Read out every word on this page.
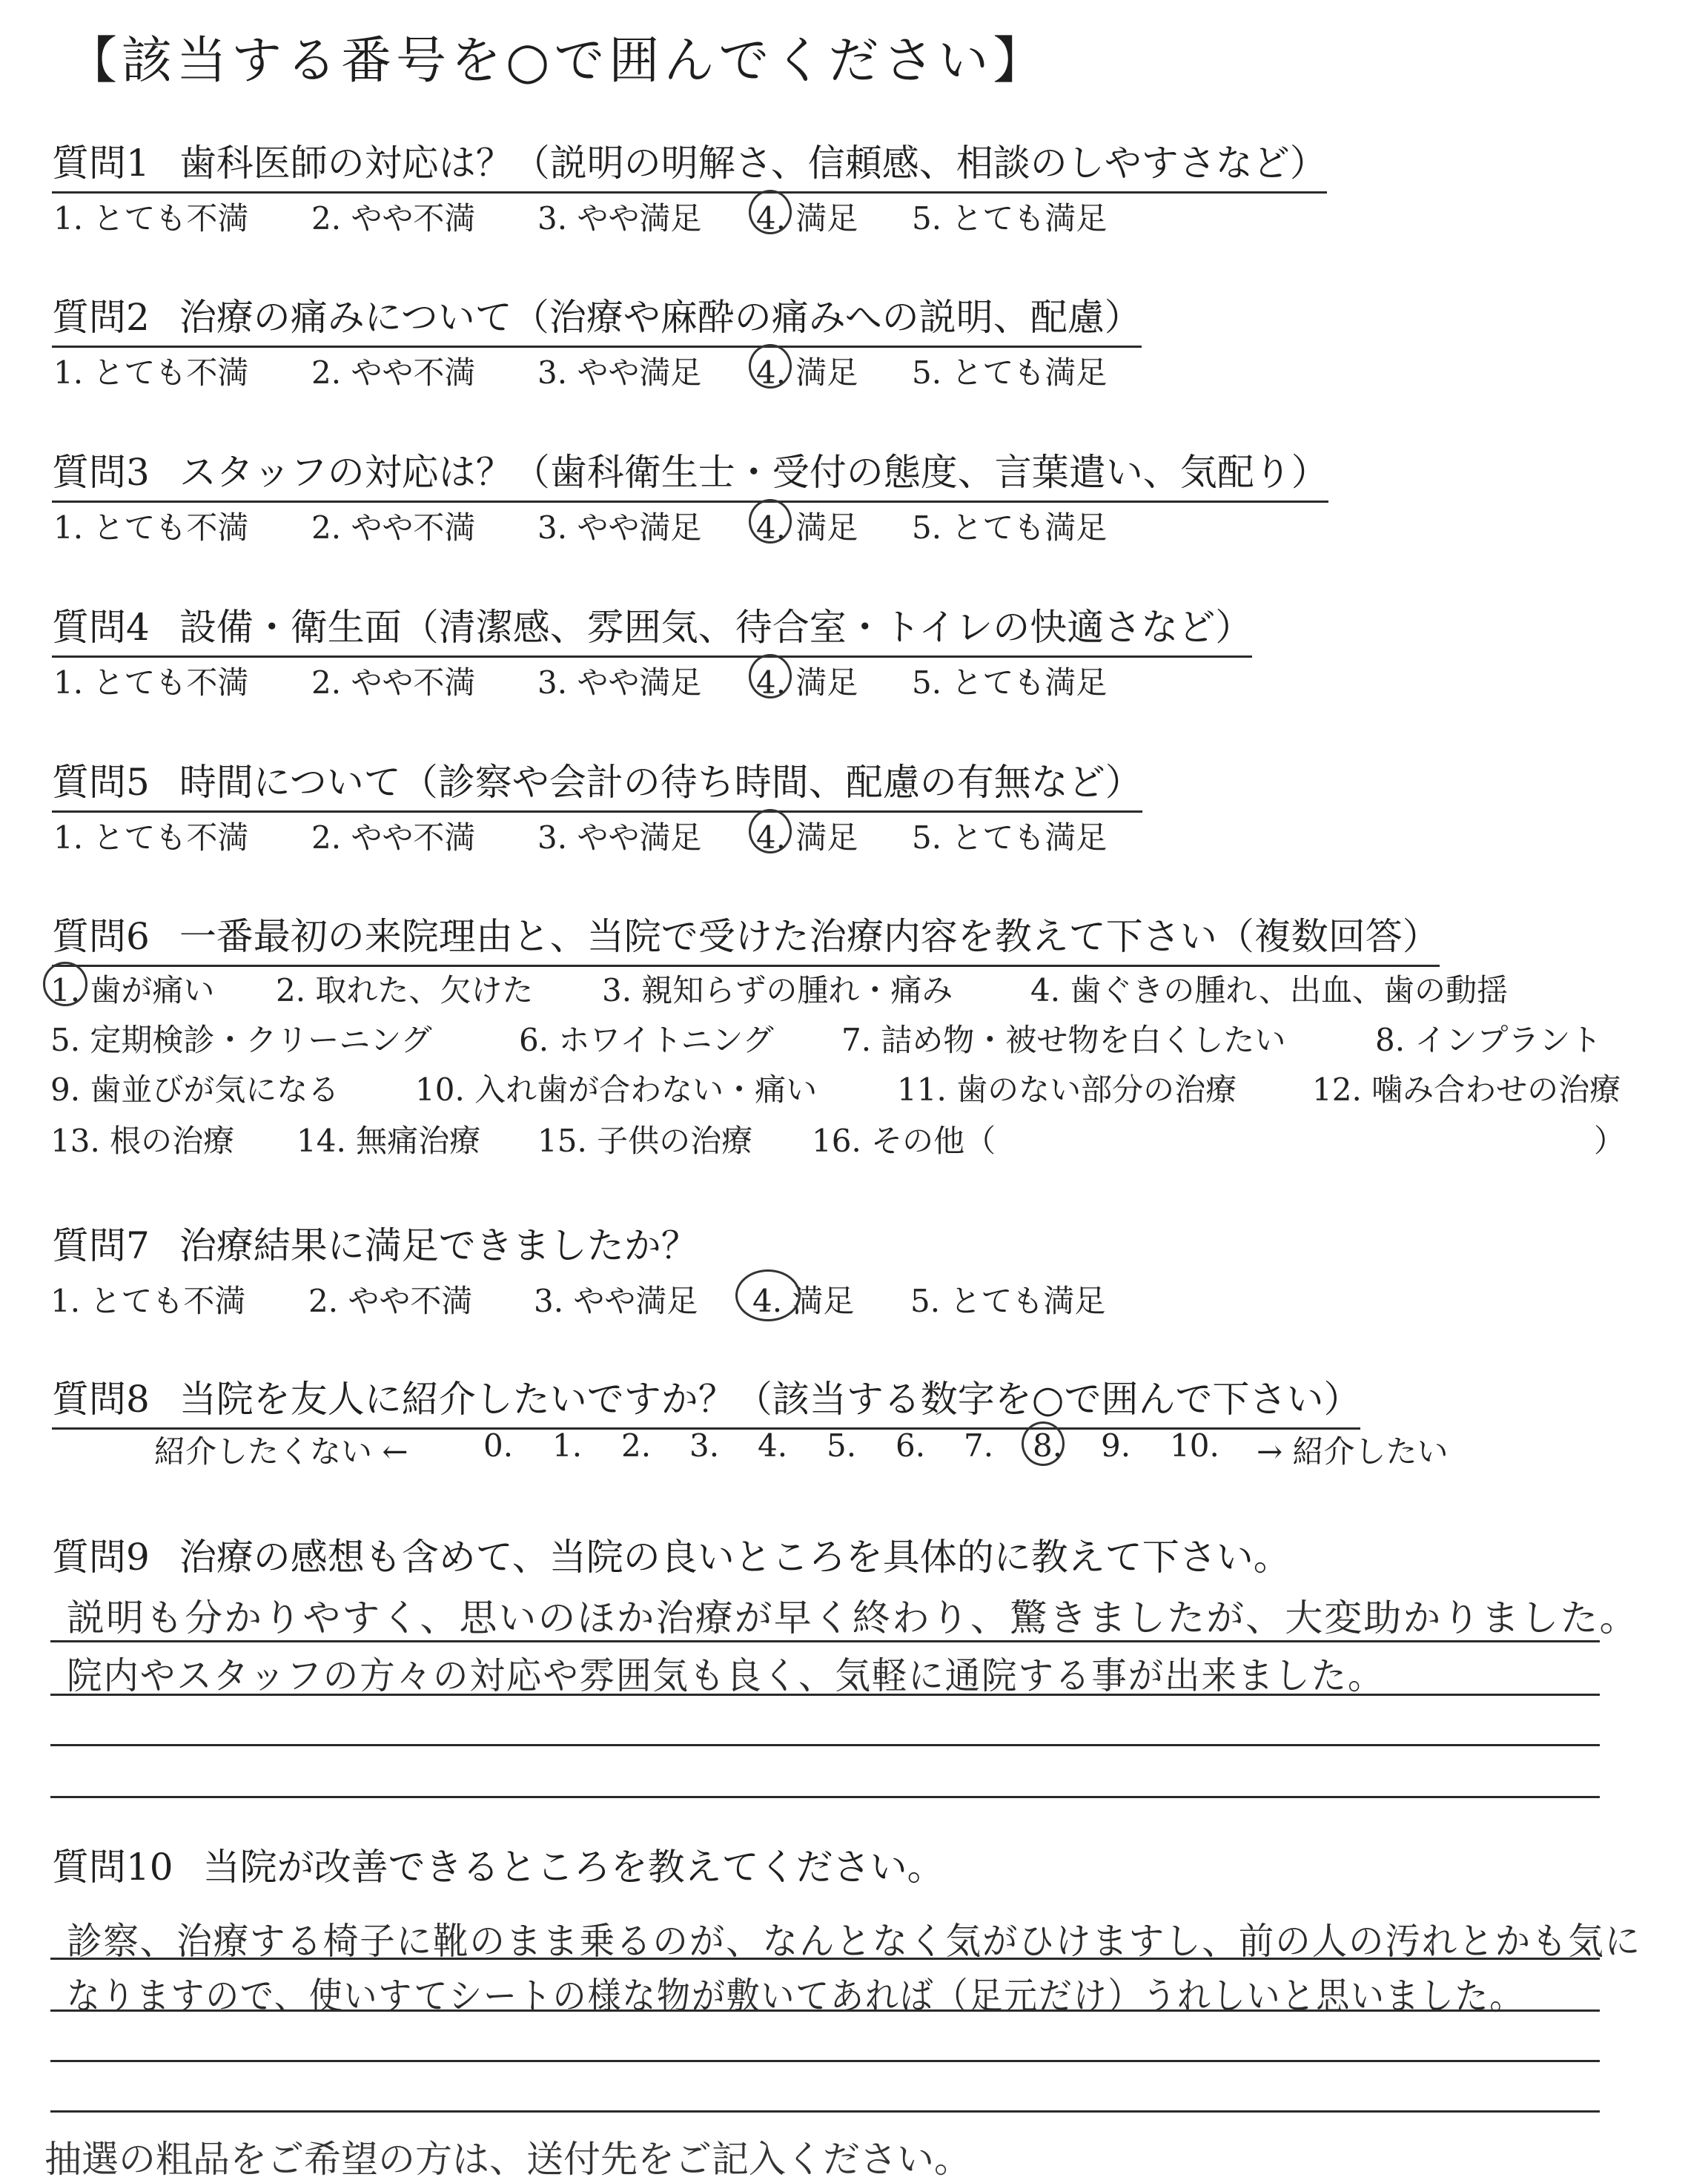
【該当する番号を○で囲んでください】
質問1 歯科医師の対応は？（説明の明解さ、信頼感、相談のしやすさなど）
1. とても不満 2. やや不満 3. やや満足 4. 満足 5. とても満足
質問2 治療の痛みについて（治療や麻酔の痛みへの説明、配慮）
1. とても不満 2. やや不満 3. やや満足 4. 満足 5. とても満足
質問3 スタッフの対応は？（歯科衛生士・受付の態度、言葉遣い、気配り）
1. とても不満 2. やや不満 3. やや満足 4. 満足 5. とても満足
質問4 設備・衛生面（清潔感、雰囲気、待合室・トイレの快適さなど）
1. とても不満 2. やや不満 3. やや満足 4. 満足 5. とても満足
質問5 時間について（診察や会計の待ち時間、配慮の有無など）
1. とても不満 2. やや不満 3. やや満足 4. 満足 5. とても満足
質問6 一番最初の来院理由と、当院で受けた治療内容を教えて下さい（複数回答）
1. 歯が痛い 2. 取れた、欠けた 3. 親知らずの腫れ・痛み 4. 歯ぐきの腫れ、出血、歯の動揺
5. 定期検診・クリーニング	6. ホワイトニング 7. 詰め物・被せ物を白くしたい	8. インプラント
9. 歯並びが気になる 10. 入れ歯が合わない・痛い	11. 歯のない部分の治療 12. 噛み合わせの治療
13. 根の治療 14. 無痛治療 15. 子供の治療 16. その他（	）
質問7 治療結果に満足できましたか？
1. とても不満 2. やや不満 3. やや満足 4. 満足 5. とても満足
質問8 当院を友人に紹介したいですか？（該当する数字を○で囲んで下さい）
紹介したくない ← 0. 1. 2. 3. 4. 5. 6. 7. 8. 9. 10. → 紹介したい
質問9 治療の感想も含めて、当院の良いところを具体的に教えて下さい。
説明も分かりやすく、思いのほか治療が早く終わり、驚きましたが、大変助かりました。
院内やスタッフの方々の対応や雰囲気も良く、気軽に通院する事が出来ました。
質問10 当院が改善できるところを教えてください。
診察、治療する椅子に靴のまま乗るのが、なんとなく気がひけますし、前の人の汚れとかも気に
なりますので、使いすてシートの様な物が敷いてあれば（足元だけ）うれしいと思いました。
抽選の粗品をご希望の方は、送付先をご記入ください。
